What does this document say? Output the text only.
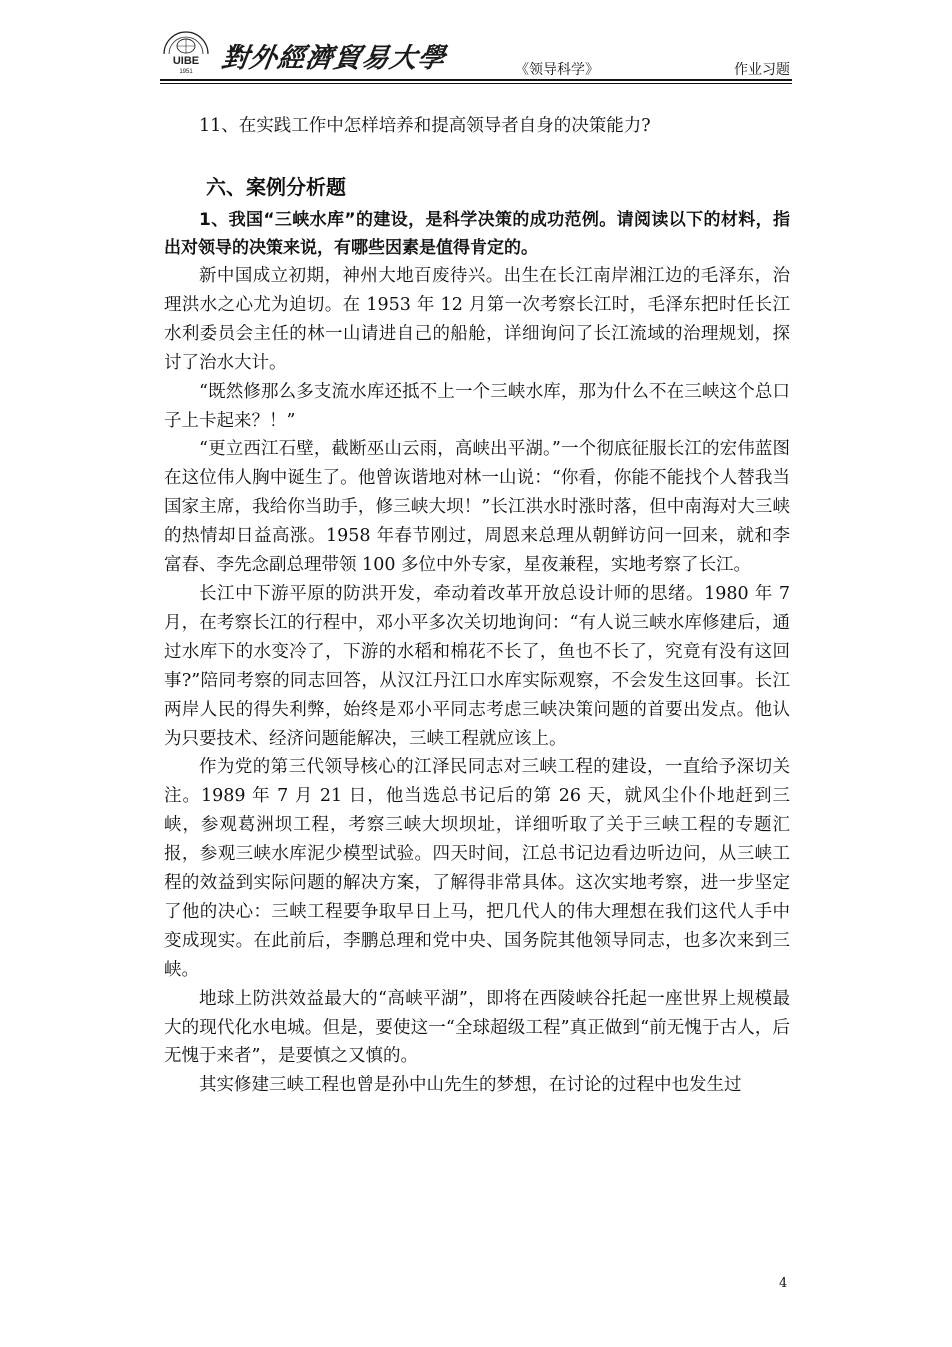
UIBE
1951 對外經濟貿易大學	《领导科学》	作业习题

11、在实践工作中怎样培养和提高领导者自身的决策能力?

六、案例分析题

1、我国“三峡水库”的建设，是科学决策的成功范例。请阅读以下的材料，指出对领导的决策来说，有哪些因素是值得肯定的。

新中国成立初期，神州大地百废待兴。出生在长江南岸湘江边的毛泽东，治理洪水之心尤为迫切。在 1953 年 12 月第一次考察长江时，毛泽东把时任长江水利委员会主任的林一山请进自己的船舱，详细询问了长江流域的治理规划，探讨了治水大计。

“既然修那么多支流水库还抵不上一个三峡水库，那为什么不在三峡这个总口子上卡起来？！”

“更立西江石壁，截断巫山云雨，高峡出平湖。”一个彻底征服长江的宏伟蓝图在这位伟人胸中诞生了。他曾诙谐地对林一山说：“你看，你能不能找个人替我当国家主席，我给你当助手，修三峡大坝！”长江洪水时涨时落，但中南海对大三峡的热情却日益高涨。1958 年春节刚过，周恩来总理从朝鲜访问一回来，就和李富春、李先念副总理带领 100 多位中外专家，星夜兼程，实地考察了长江。

长江中下游平原的防洪开发，牵动着改革开放总设计师的思绪。1980 年 7 月，在考察长江的行程中，邓小平多次关切地询问：“有人说三峡水库修建后，通过水库下的水变冷了，下游的水稻和棉花不长了，鱼也不长了，究竟有没有这回事?”陪同考察的同志回答，从汉江丹江口水库实际观察，不会发生这回事。长江两岸人民的得失利弊，始终是邓小平同志考虑三峡决策问题的首要出发点。他认为只要技术、经济问题能解决，三峡工程就应该上。

作为党的第三代领导核心的江泽民同志对三峡工程的建设，一直给予深切关注。1989 年 7 月 21 日，他当选总书记后的第 26 天，就风尘仆仆地赶到三峡，参观葛洲坝工程，考察三峡大坝坝址，详细听取了关于三峡工程的专题汇报，参观三峡水库泥少模型试验。四天时间，江总书记边看边听边问，从三峡工程的效益到实际问题的解决方案，了解得非常具体。这次实地考察，进一步坚定了他的决心：三峡工程要争取早日上马，把几代人的伟大理想在我们这代人手中变成现实。在此前后，李鹏总理和党中央、国务院其他领导同志，也多次来到三峡。

地球上防洪效益最大的“高峡平湖”，即将在西陵峡谷托起一座世界上规模最大的现代化水电城。但是，要使这一“全球超级工程”真正做到“前无愧于古人，后无愧于来者”，是要慎之又慎的。

其实修建三峡工程也曾是孙中山先生的梦想，在讨论的过程中也发生过

4
